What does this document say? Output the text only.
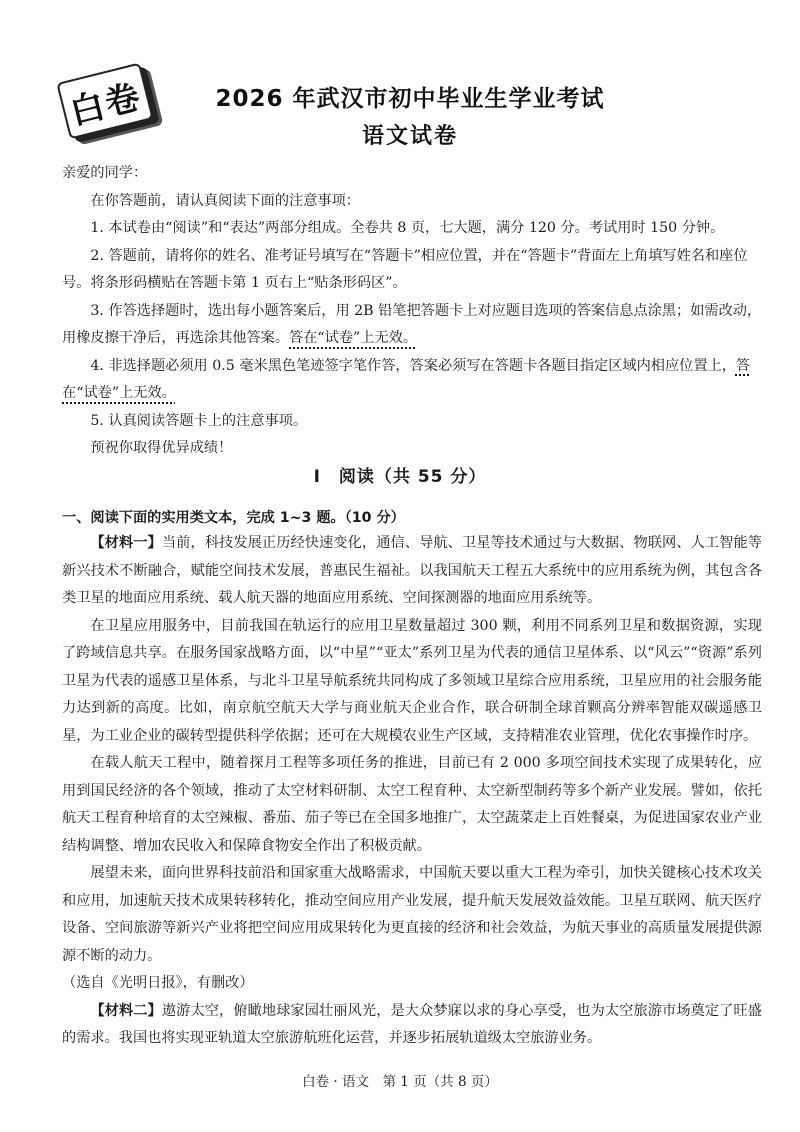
白卷	2026 年武汉市初中毕业生学业考试
语文试卷

亲爱的同学：

在你答题前，请认真阅读下面的注意事项：

1. 本试卷由“阅读”和“表达”两部分组成。全卷共 8 页，七大题，满分 120 分。考试用时 150 分钟。

2. 答题前，请将你的姓名、准考证号填写在“答题卡”相应位置，并在“答题卡”背面左上角填写姓名和座位号。将条形码横贴在答题卡第 1 页右上“贴条形码区”。

3. 作答选择题时，选出每小题答案后，用 2B 铅笔把答题卡上对应题目选项的答案信息点涂黑；如需改动，用橡皮擦干净后，再选涂其他答案。答在“试卷”上无效。

4. 非选择题必须用 0.5 毫米黑色笔迹签字笔作答，答案必须写在答题卡各题目指定区域内相应位置上，答在“试卷”上无效。

5. 认真阅读答题卡上的注意事项。

预祝你取得优异成绩！

Ⅰ　阅读（共 55 分）
一、阅读下面的实用类文本，完成 1~3 题。（10 分）

【材料一】当前，科技发展正历经快速变化，通信、导航、卫星等技术通过与大数据、物联网、人工智能等新兴技术不断融合，赋能空间技术发展，普惠民生福祉。以我国航天工程五大系统中的应用系统为例，其包含各类卫星的地面应用系统、载人航天器的地面应用系统、空间探测器的地面应用系统等。

在卫星应用服务中，目前我国在轨运行的应用卫星数量超过 300 颗，利用不同系列卫星和数据资源，实现了跨域信息共享。在服务国家战略方面，以“中星”“亚太”系列卫星为代表的通信卫星体系、以“风云”“资源”系列卫星为代表的遥感卫星体系，与北斗卫星导航系统共同构成了多领域卫星综合应用系统，卫星应用的社会服务能力达到新的高度。比如，南京航空航天大学与商业航天企业合作，联合研制全球首颗高分辨率智能双碳遥感卫星，为工业企业的碳转型提供科学依据；还可在大规模农业生产区域，支持精准农业管理，优化农事操作时序。

在载人航天工程中，随着探月工程等多项任务的推进，目前已有 2 000 多项空间技术实现了成果转化，应用到国民经济的各个领域，推动了太空材料研制、太空工程育种、太空新型制药等多个新产业发展。譬如，依托航天工程育种培育的太空辣椒、番茄、茄子等已在全国多地推广，太空蔬菜走上百姓餐桌，为促进国家农业产业结构调整、增加农民收入和保障食物安全作出了积极贡献。

展望未来，面向世界科技前沿和国家重大战略需求，中国航天要以重大工程为牵引，加快关键核心技术攻关和应用，加速航天技术成果转移转化，推动空间应用产业发展，提升航天发展效益效能。卫星互联网、航天医疗设备、空间旅游等新兴产业将把空间应用成果转化为更直接的经济和社会效益，为航天事业的高质量发展提供源源不断的动力。

（选自《光明日报》，有删改）

【材料二】遨游太空，俯瞰地球家园壮丽风光，是大众梦寐以求的身心享受，也为太空旅游市场奠定了旺盛的需求。我国也将实现亚轨道太空旅游航班化运营，并逐步拓展轨道级太空旅游业务。

白卷 · 语文　第 1 页（共 8 页）
